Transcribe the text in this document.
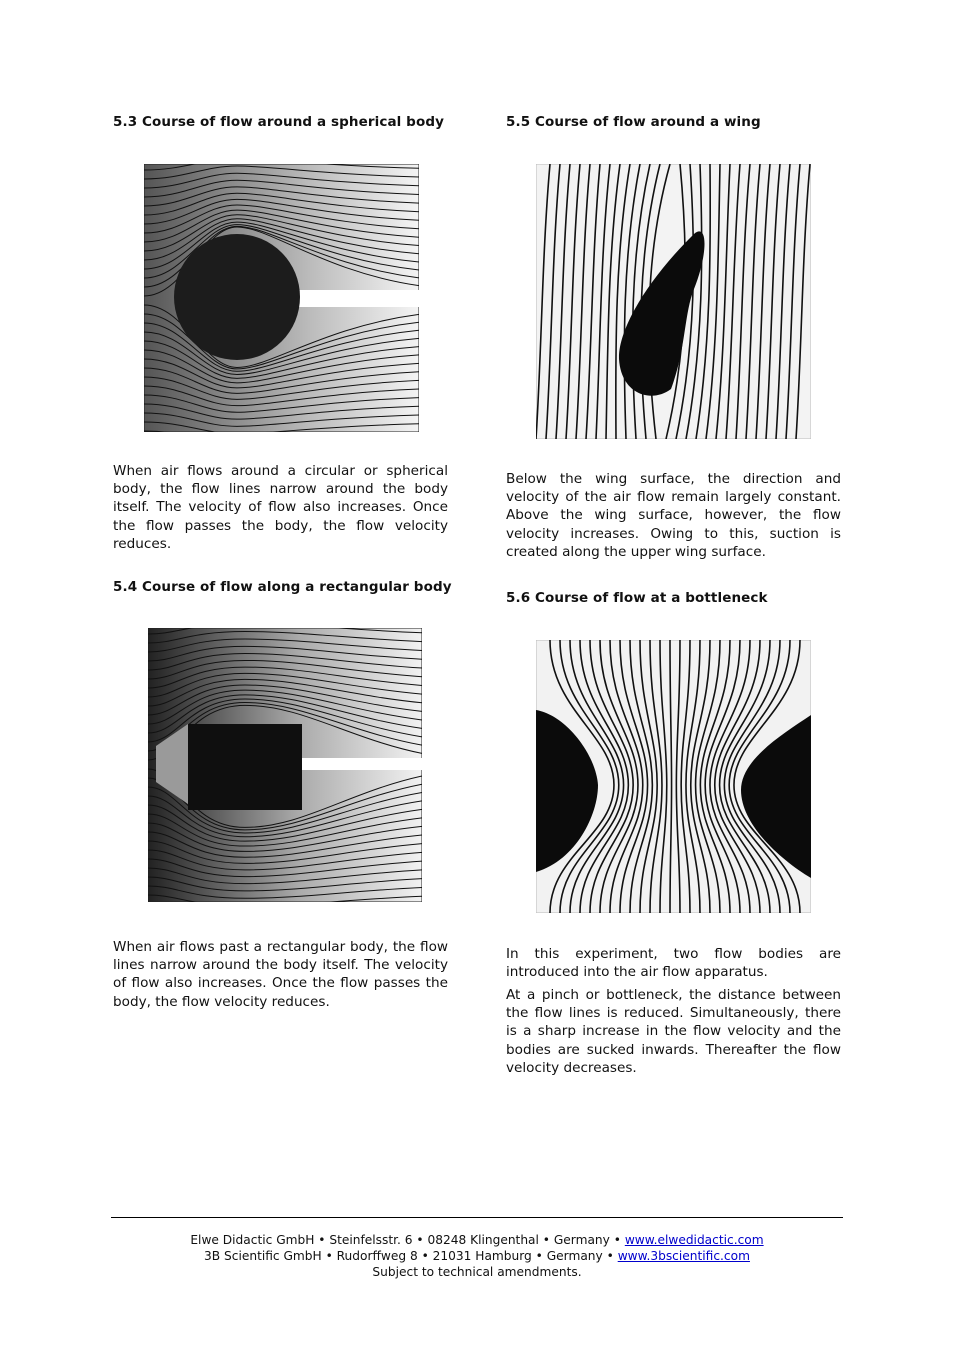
5.3 Course of flow around a spherical body

When air flows around a circular or spherical body, the flow lines narrow around the body itself. The velocity of flow also increases. Once the flow passes the body, the flow velocity reduces.

5.4 Course of flow along a rectangular body

When air flows past a rectangular body, the flow lines narrow around the body itself. The velocity of flow also increases. Once the flow passes the body, the flow velocity reduces.

5.5 Course of flow around a wing

Below the wing surface, the direction and velocity of the air flow remain largely constant. Above the wing surface, however, the flow velocity increases. Owing to this, suction is created along the upper wing surface.

5.6 Course of flow at a bottleneck

In this experiment, two flow bodies are introduced into the air flow apparatus.

At a pinch or bottleneck, the distance between the flow lines is reduced. Simultaneously, there is a sharp increase in the flow velocity and the bodies are sucked inwards. Thereafter the flow velocity decreases.

Elwe Didactic GmbH • Steinfelsstr. 6 • 08248 Klingenthal • Germany • www.elwedidactic.com
3B Scientific GmbH • Rudorffweg 8 • 21031 Hamburg • Germany • www.3bscientific.com
Subject to technical amendments.
